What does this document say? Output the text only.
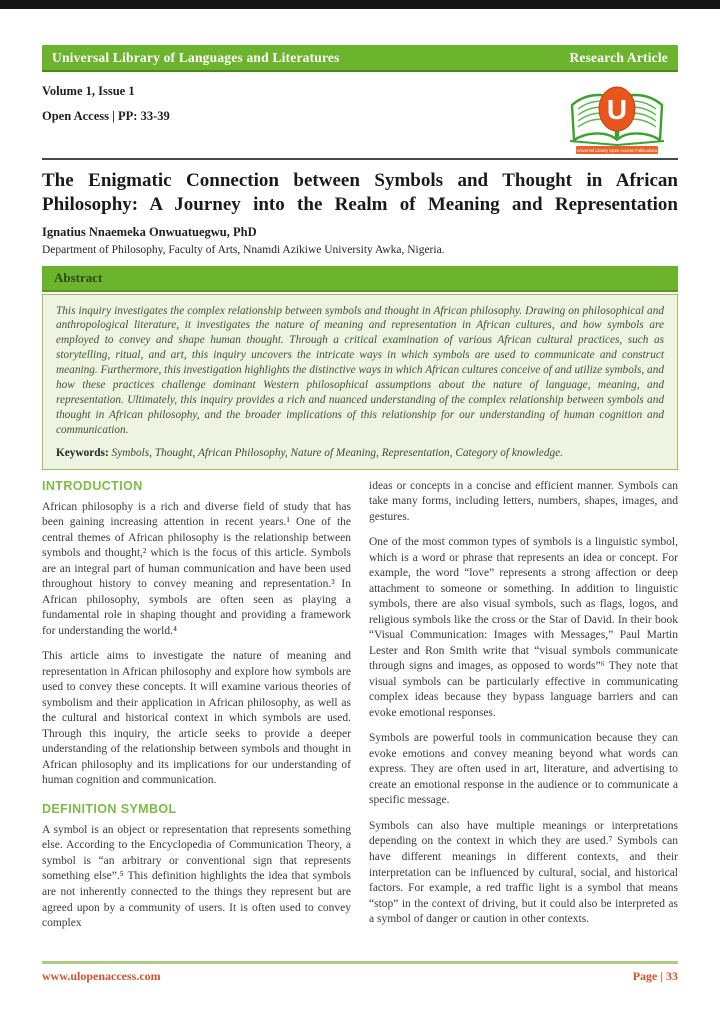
Universal Library of Languages and Literatures	Research Article
Volume 1, Issue 1
Open Access | PP: 33-39	U
Universal Library Open Access Publications
The Enigmatic Connection between Symbols and Thought in African Philosophy: A Journey into the Realm of Meaning and Representation
Ignatius Nnaemeka Onwuatuegwu, PhD
Department of Philosophy, Faculty of Arts, Nnamdi Azikiwe University Awka, Nigeria.
Abstract

This inquiry investigates the complex relationship between symbols and thought in African philosophy. Drawing on philosophical and anthropological literature, it investigates the nature of meaning and representation in African cultures, and how symbols are employed to convey and shape human thought. Through a critical examination of various African cultural practices, such as storytelling, ritual, and art, this inquiry uncovers the intricate ways in which symbols are used to communicate and construct meaning. Furthermore, this investigation highlights the distinctive ways in which African cultures conceive of and utilize symbols, and how these practices challenge dominant Western philosophical assumptions about the nature of language, meaning, and representation. Ultimately, this inquiry provides a rich and nuanced understanding of the complex relationship between symbols and thought in African philosophy, and the broader implications of this relationship for our understanding of human cognition and communication.

Keywords: Symbols, Thought, African Philosophy, Nature of Meaning, Representation, Category of knowledge.

INTRODUCTION

African philosophy is a rich and diverse field of study that has been gaining increasing attention in recent years.¹ One of the central themes of African philosophy is the relationship between symbols and thought,² which is the focus of this article. Symbols are an integral part of human communication and have been used throughout history to convey meaning and representation.³ In African philosophy, symbols are often seen as playing a fundamental role in shaping thought and providing a framework for understanding the world.⁴

This article aims to investigate the nature of meaning and representation in African philosophy and explore how symbols are used to convey these concepts. It will examine various theories of symbolism and their application in African philosophy, as well as the cultural and historical context in which symbols are used. Through this inquiry, the article seeks to provide a deeper understanding of the relationship between symbols and thought in African philosophy and its implications for our understanding of human cognition and communication.

DEFINITION SYMBOL

A symbol is an object or representation that represents something else. According to the Encyclopedia of Communication Theory, a symbol is “an arbitrary or conventional sign that represents something else”.⁵ This definition highlights the idea that symbols are not inherently connected to the things they represent but are agreed upon by a community of users. It is often used to convey complex

ideas or concepts in a concise and efficient manner. Symbols can take many forms, including letters, numbers, shapes, images, and gestures.

One of the most common types of symbols is a linguistic symbol, which is a word or phrase that represents an idea or concept. For example, the word “love” represents a strong affection or deep attachment to someone or something. In addition to linguistic symbols, there are also visual symbols, such as flags, logos, and religious symbols like the cross or the Star of David. In their book “Visual Communication: Images with Messages,” Paul Martin Lester and Ron Smith write that “visual symbols communicate through signs and images, as opposed to words”⁶ They note that visual symbols can be particularly effective in communicating complex ideas because they bypass language barriers and can evoke emotional responses.

Symbols are powerful tools in communication because they can evoke emotions and convey meaning beyond what words can express. They are often used in art, literature, and advertising to create an emotional response in the audience or to communicate a specific message.

Symbols can also have multiple meanings or interpretations depending on the context in which they are used.⁷ Symbols can have different meanings in different contexts, and their interpretation can be influenced by cultural, social, and historical factors. For example, a red traffic light is a symbol that means “stop” in the context of driving, but it could also be interpreted as a symbol of danger or caution in other contexts.

www.ulopenaccess.com	Page | 33
